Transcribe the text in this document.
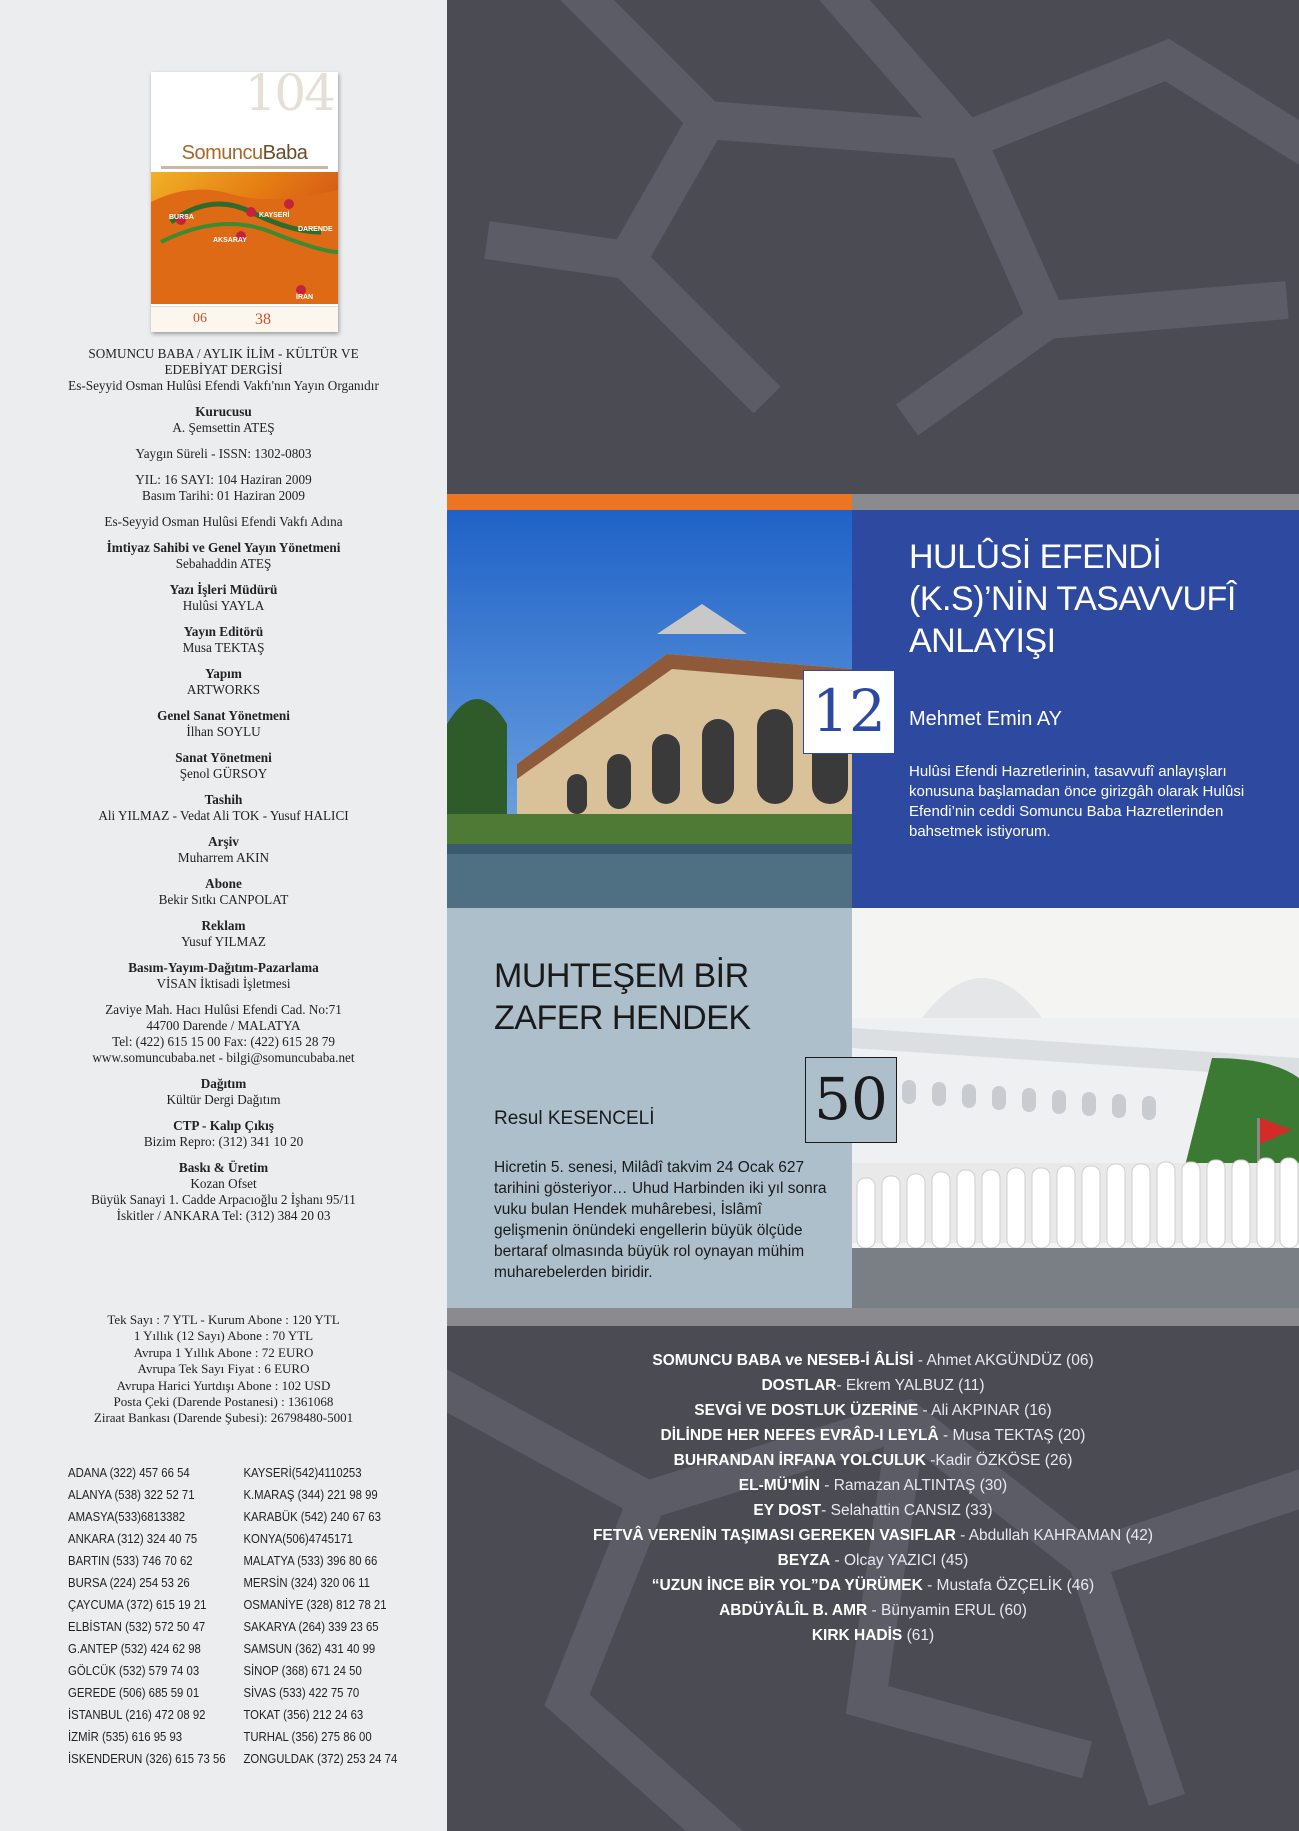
104
SomuncuBaba
BURSA	KAYSERİ
DARENDE
AKSARAY
İRAN
06	38
SOMUNCU BABA / AYLIK İLİM - KÜLTÜR VE EDEBİYAT DERGİSİ
Es-Seyyid Osman Hulûsi Efendi Vakfı'nın Yayın Organıdır
Kurucusu
A. Şemsettin ATEŞ
Yaygın Süreli - ISSN: 1302-0803
YIL: 16 SAYI: 104 Haziran 2009
Basım Tarihi: 01 Haziran 2009
Es-Seyyid Osman Hulûsi Efendi Vakfı Adına
İmtiyaz Sahibi ve Genel Yayın Yönetmeni
Sebahaddin ATEŞ
Yazı İşleri Müdürü
Hulûsi YAYLA
Yayın Editörü
Musa TEKTAŞ
Yapım
ARTWORKS
Genel Sanat Yönetmeni
İlhan SOYLU
Sanat Yönetmeni
Şenol GÜRSOY
Tashih
Ali YILMAZ - Vedat Ali TOK - Yusuf HALICI
Arşiv
Muharrem AKIN
Abone
Bekir Sıtkı CANPOLAT
Reklam
Yusuf YILMAZ
Basım-Yayım-Dağıtım-Pazarlama
VİSAN İktisadi İşletmesi
Zaviye Mah. Hacı Hulûsi Efendi Cad. No:71
44700 Darende / MALATYA
Tel: (422) 615 15 00 Fax: (422) 615 28 79
www.somuncubaba.net - bilgi@somuncubaba.net
Dağıtım
Kültür Dergi Dağıtım
CTP - Kalıp Çıkış
Bizim Repro: (312) 341 10 20
Baskı & Üretim
Kozan Ofset
Büyük Sanayi 1. Cadde Arpacıoğlu 2 İşhanı 95/11
İskitler / ANKARA Tel: (312) 384 20 03
Tek Sayı : 7 YTL - Kurum Abone : 120 YTL
1 Yıllık (12 Sayı) Abone : 70 YTL
Avrupa 1 Yıllık Abone : 72 EURO
Avrupa Tek Sayı Fiyat : 6 EURO
Avrupa Harici Yurtdışı Abone : 102 USD
Posta Çeki (Darende Postanesi) : 1361068
Ziraat Bankası (Darende Şubesi): 26798480-5001
ADANA (322) 457 66 54
ALANYA (538) 322 52 71
AMASYA(533)6813382
ANKARA (312) 324 40 75
BARTIN (533) 746 70 62
BURSA (224) 254 53 26
ÇAYCUMA (372) 615 19 21
ELBİSTAN (532) 572 50 47
G.ANTEP (532) 424 62 98
GÖLCÜK (532) 579 74 03
GEREDE (506) 685 59 01
İSTANBUL (216) 472 08 92
İZMİR (535) 616 95 93
İSKENDERUN (326) 615 73 56
KAYSERİ(542)4110253
K.MARAŞ (344) 221 98 99
KARABÜK (542) 240 67 63
KONYA(506)4745171
MALATYA (533) 396 80 66
MERSİN (324) 320 06 11
OSMANİYE (328) 812 78 21
SAKARYA (264) 339 23 65
SAMSUN (362) 431 40 99
SİNOP (368) 671 24 50
SİVAS (533) 422 75 70
TOKAT (356) 212 24 63
TURHAL (356) 275 86 00
ZONGULDAK (372) 253 24 74
HULÛSİ EFENDİ (K.S)’NİN TASAVVUFÎ ANLAYIŞI
12	Mehmet Emin AY
Hulûsi Efendi Hazretlerinin, tasavvufî anlayışları konusuna başlamadan önce girizgâh olarak Hulûsi Efendi’nin ceddi Somuncu Baba Hazretlerinden bahsetmek istiyorum.
MUHTEŞEM BİR ZAFER HENDEK
50
Resul KESENCELİ
Hicretin 5. senesi, Milâdî takvim 24 Ocak 627 tarihini gösteriyor… Uhud Harbinden iki yıl sonra vuku bulan Hendek muhârebesi, İslâmî gelişmenin önündeki engellerin büyük ölçüde bertaraf olmasında büyük rol oynayan mühim muharebelerden biridir.
SOMUNCU BABA ve NESEB-İ ÂLİSİ - Ahmet AKGÜNDÜZ (06)
DOSTLAR- Ekrem YALBUZ (11)
SEVGİ VE DOSTLUK ÜZERİNE - Ali AKPINAR (16)
DİLİNDE HER NEFES EVRÂD-I LEYLÂ - Musa TEKTAŞ (20)
BUHRANDAN İRFANA YOLCULUK -Kadir ÖZKÖSE (26)
EL-MÜ'MİN - Ramazan ALTINTAŞ (30)
EY DOST- Selahattin CANSIZ (33)
FETVÂ VERENİN TAŞIMASI GEREKEN VASIFLAR - Abdullah KAHRAMAN (42)
BEYZA - Olcay YAZICI (45)
“UZUN İNCE BİR YOL”DA YÜRÜMEK - Mustafa ÖZÇELİK (46)
ABDÜYÂLÎL B. AMR - Bünyamin ERUL (60)
KIRK HADİS (61)
